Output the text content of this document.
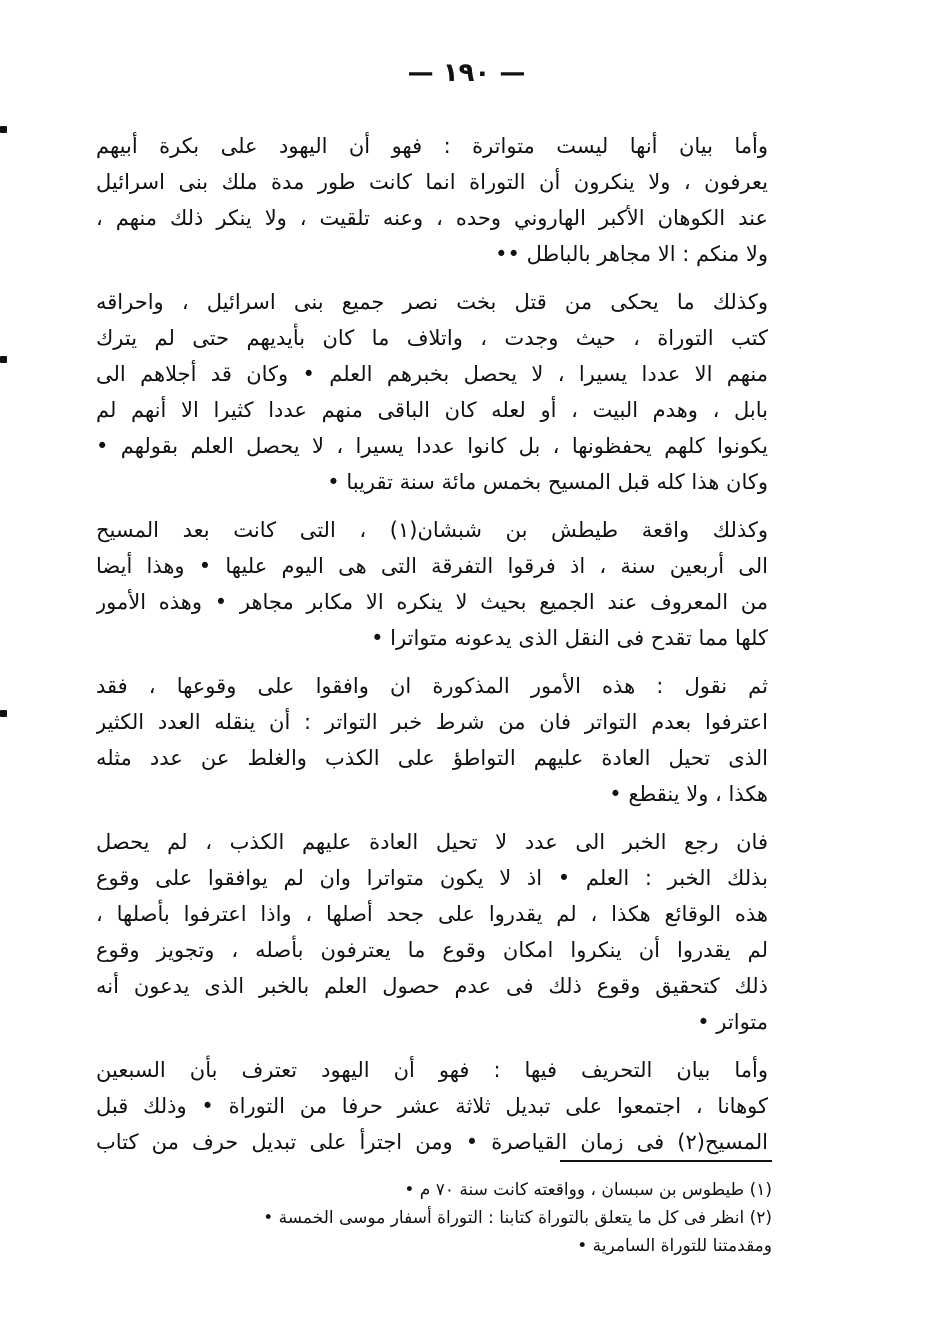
— ١٩٠ —
وأما بيان أنها ليست متواترة : فهو أن اليهود على بكرة أبيهم
يعرفون ، ولا ينكرون أن التوراة انما كانت طور مدة ملك بنى اسرائيل
عند الكوهان الأكبر الهاروني وحده ، وعنه تلقيت ، ولا ينكر ذلك منهم ،
ولا منكم : الا مجاهر بالباطل ••
وكذلك ما يحكى من قتل بخت نصر جميع بنى اسرائيل ، واحراقه
كتب التوراة ، حيث وجدت ، واتلاف ما كان بأيديهم حتى لم يترك
منهم الا عددا يسيرا ، لا يحصل بخبرهم العلم • وكان قد أجلاهم الى
بابل ، وهدم البيت ، أو لعله كان الباقى منهم عددا كثيرا الا أنهم لم
يكونوا كلهم يحفظونها ، بل كانوا عددا يسيرا ، لا يحصل العلم بقولهم •
وكان هذا كله قبل المسيح بخمس مائة سنة تقريبا •
وكذلك واقعة طيطش بن شبشان(١) ، التى كانت بعد المسيح
الى أربعين سنة ، اذ فرقوا التفرقة التى هى اليوم عليها • وهذا أيضا
من المعروف عند الجميع بحيث لا ينكره الا مكابر مجاهر • وهذه الأمور
كلها مما تقدح فى النقل الذى يدعونه متواترا •
ثم نقول : هذه الأمور المذكورة ان وافقوا على وقوعها ، فقد
اعترفوا بعدم التواتر فان من شرط خبر التواتر : أن ينقله العدد الكثير
الذى تحيل العادة عليهم التواطؤ على الكذب والغلط عن عدد مثله
هكذا ، ولا ينقطع •
فان رجع الخبر الى عدد لا تحيل العادة عليهم الكذب ، لم يحصل
بذلك الخبر : العلم • اذ لا يكون متواترا وان لم يوافقوا على وقوع
هذه الوقائع هكذا ، لم يقدروا على جحد أصلها ، واذا اعترفوا بأصلها ،
لم يقدروا أن ينكروا امكان وقوع ما يعترفون بأصله ، وتجويز وقوع
ذلك كتحقيق وقوع ذلك فى عدم حصول العلم بالخبر الذى يدعون أنه
متواتر •
وأما بيان التحريف فيها : فهو أن اليهود تعترف بأن السبعين
كوهانا ، اجتمعوا على تبديل ثلاثة عشر حرفا من التوراة • وذلك قبل
المسيح(٢) فى زمان القياصرة • ومن اجترأ على تبديل حرف من كتاب
(١) طيطوس بن سبسان ، وواقعته كانت سنة ٧٠ م •
(٢) انظر فى كل ما يتعلق بالتوراة كتابنا : التوراة أسفار موسى الخمسة •
ومقدمتنا للتوراة السامرية •
